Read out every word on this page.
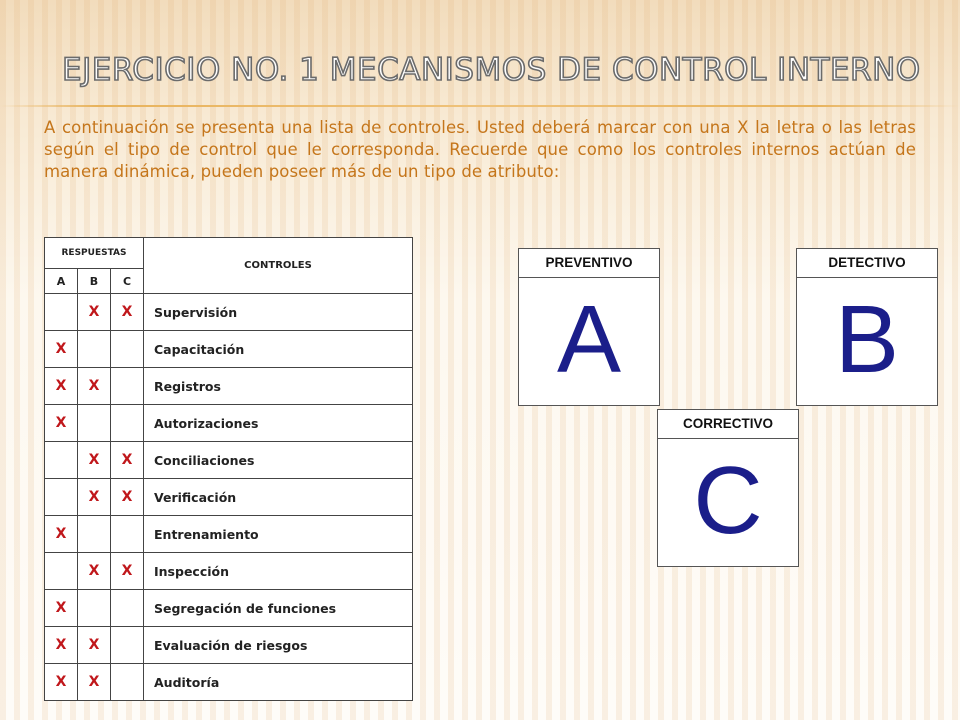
EJERCICIO NO. 1 MECANISMOS DE CONTROL INTERNO

A continuación se presenta una lista de controles. Usted deberá marcar con una X la letra o las letras según el tipo de control que le corresponda. Recuerde que como los controles internos actúan de manera dinámica, pueden poseer más de un tipo de atributo:

RESPUESTAS			CONTROLES
A	B	C	
	X	X	Supervisión
X			Capacitación
X	X		Registros
X			Autorizaciones
	X	X	Conciliaciones
	X	X	Verificación
X			Entrenamiento
	X	X	Inspección
X			Segregación de funciones
X	X		Evaluación de riesgos
X	X		Auditoría
PREVENTIVO
A
DETECTIVO
B
CORRECTIVO
C
